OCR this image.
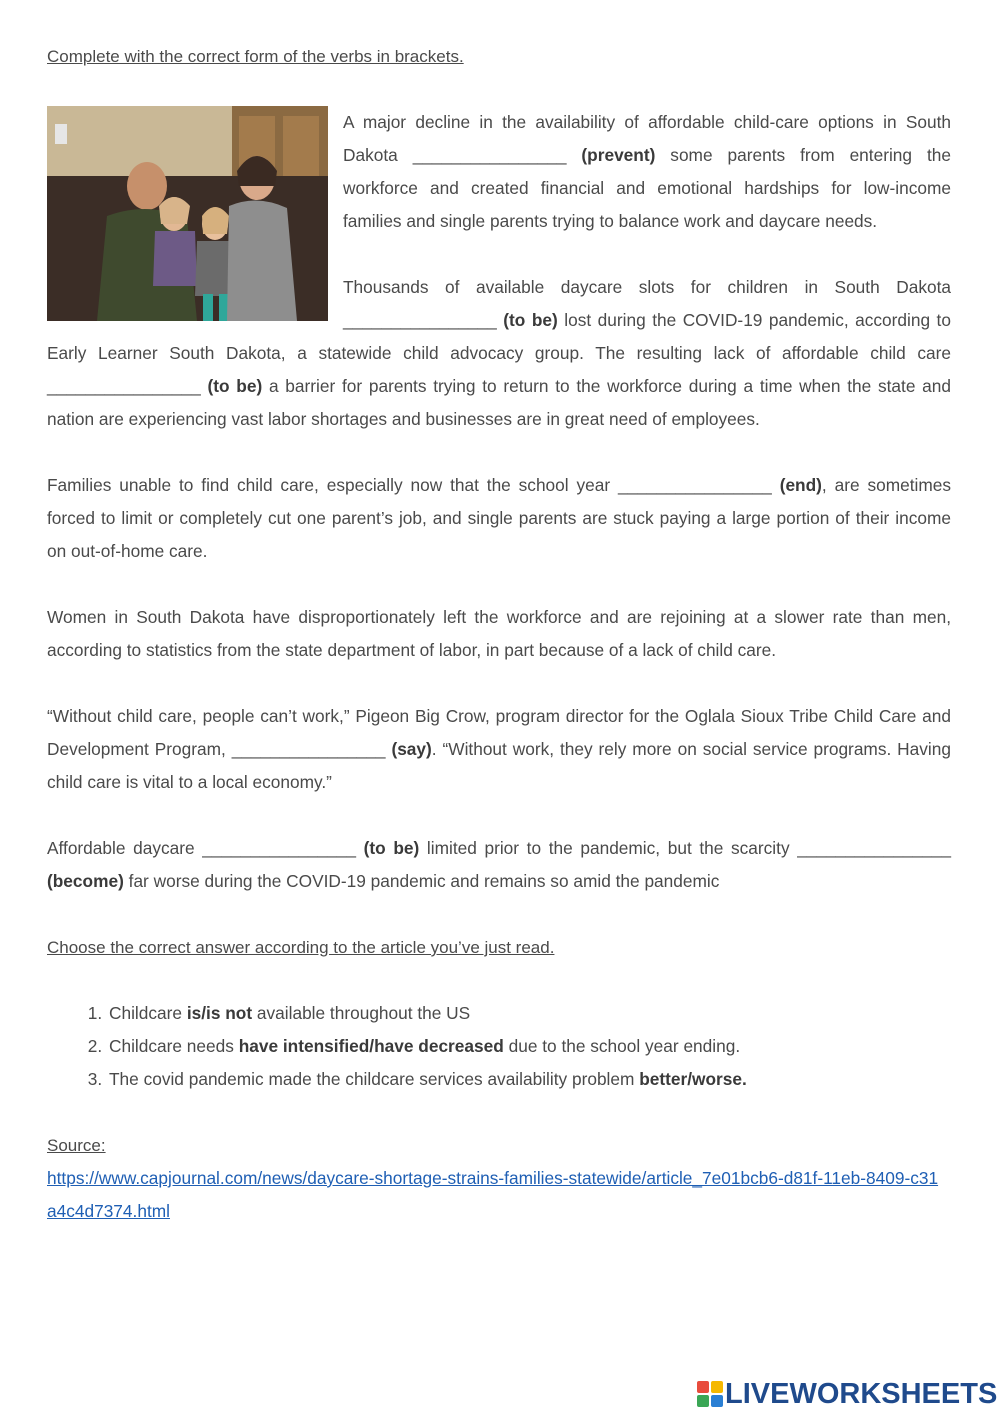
Complete with the correct form of the verbs in brackets.

A major decline in the availability of affordable child-care options in South Dakota ________________ (prevent) some parents from entering the workforce and created financial and emotional hardships for low-income families and single parents trying to balance work and daycare needs.

Thousands of available daycare slots for children in South Dakota ________________ (to be) lost during the COVID-19 pandemic, according to Early Learner South Dakota, a statewide child advocacy group. The resulting lack of affordable child care ________________ (to be) a barrier for parents trying to return to the workforce during a time when the state and nation are experiencing vast labor shortages and businesses are in great need of employees.

Families unable to find child care, especially now that the school year ________________ (end), are sometimes forced to limit or completely cut one parent’s job, and single parents are stuck paying a large portion of their income on out-of-home care.

Women in South Dakota have disproportionately left the workforce and are rejoining at a slower rate than men, according to statistics from the state department of labor, in part because of a lack of child care.

“Without child care, people can’t work,” Pigeon Big Crow, program director for the Oglala Sioux Tribe Child Care and Development Program, ________________ (say). “Without work, they rely more on social service programs. Having child care is vital to a local economy.”

Affordable daycare ________________ (to be) limited prior to the pandemic, but the scarcity ________________ (become) far worse during the COVID-19 pandemic and remains so amid the pandemic

Choose the correct answer according to the article you’ve just read.

1. Childcare is/is not available throughout the US
2. Childcare needs have intensified/have decreased due to the school year ending.
3. The covid pandemic made the childcare services availability problem better/worse.

Source:

https://www.capjournal.com/news/daycare-shortage-strains-families-statewide/article_7e01bcb6-d81f-11eb-8409-c31a4c4d7374.html
LIVEWORKSHEETS
